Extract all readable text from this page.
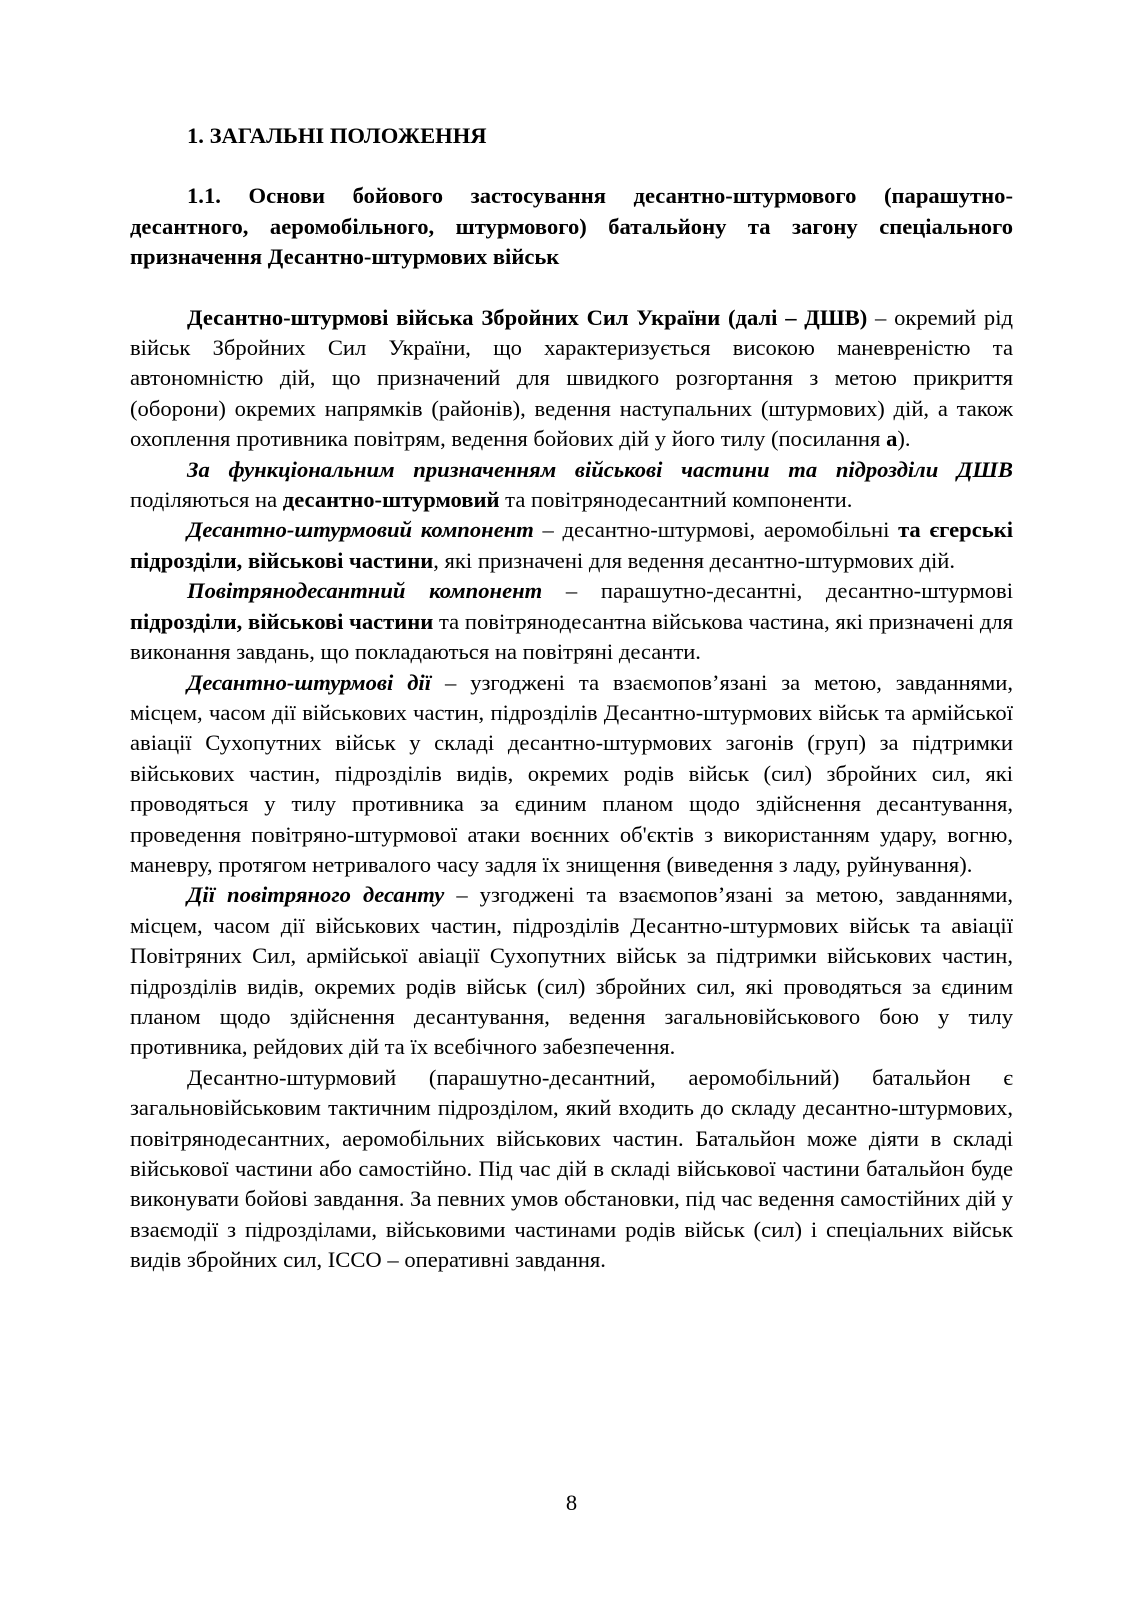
1. ЗАГАЛЬНІ ПОЛОЖЕННЯ

1.1. Основи бойового застосування десантно-штурмового (парашутно-десантного, аеромобільного, штурмового) батальйону та загону спеціального призначення Десантно-штурмових військ

Десантно-штурмові війська Збройних Сил України (далі – ДШВ) – окремий рід військ Збройних Сил України, що характеризується високою маневреністю та автономністю дій, що призначений для швидкого розгортання з метою прикриття (оборони) окремих напрямків (районів), ведення наступальних (штурмових) дій, а також охоплення противника повітрям, ведення бойових дій у його тилу (посилання а).

За функціональним призначенням військові частини та підрозділи ДШВ поділяються на десантно-штурмовий та повітрянодесантний компоненти.

Десантно-штурмовий компонент – десантно-штурмові, аеромобільні та єгерські підрозділи, військові частини, які призначені для ведення десантно-штурмових дій.

Повітрянодесантний компонент – парашутно-десантні, десантно-штурмові підрозділи, військові частини та повітрянодесантна військова частина, які призначені для виконання завдань, що покладаються на повітряні десанти.

Десантно-штурмові дії – узгоджені та взаємопов’язані за метою, завданнями, місцем, часом дії військових частин, підрозділів Десантно-штурмових військ та армійської авіації Сухопутних військ у складі десантно-штурмових загонів (груп) за підтримки військових частин, підрозділів видів, окремих родів військ (сил) збройних сил, які проводяться у тилу противника за єдиним планом щодо здійснення десантування, проведення повітряно-штурмової атаки воєнних об'єктів з використанням удару, вогню, маневру, протягом нетривалого часу задля їх знищення (виведення з ладу, руйнування).

Дії повітряного десанту – узгоджені та взаємопов’язані за метою, завданнями, місцем, часом дії військових частин, підрозділів Десантно-штурмових військ та авіації Повітряних Сил, армійської авіації Сухопутних військ за підтримки військових частин, підрозділів видів, окремих родів військ (сил) збройних сил, які проводяться за єдиним планом щодо здійснення десантування, ведення загальновійськового бою у тилу противника, рейдових дій та їх всебічного забезпечення.

Десантно-штурмовий (парашутно-десантний, аеромобільний) батальйон є загальновійськовим тактичним підрозділом, який входить до складу десантно-штурмових, повітрянодесантних, аеромобільних військових частин. Батальйон може діяти в складі військової частини або самостійно. Під час дій в складі військової частини батальйон буде виконувати бойові завдання. За певних умов обстановки, під час ведення самостійних дій у взаємодії з підрозділами, військовими частинами родів військ (сил) і спеціальних військ видів збройних сил, ІССО – оперативні завдання.

8
